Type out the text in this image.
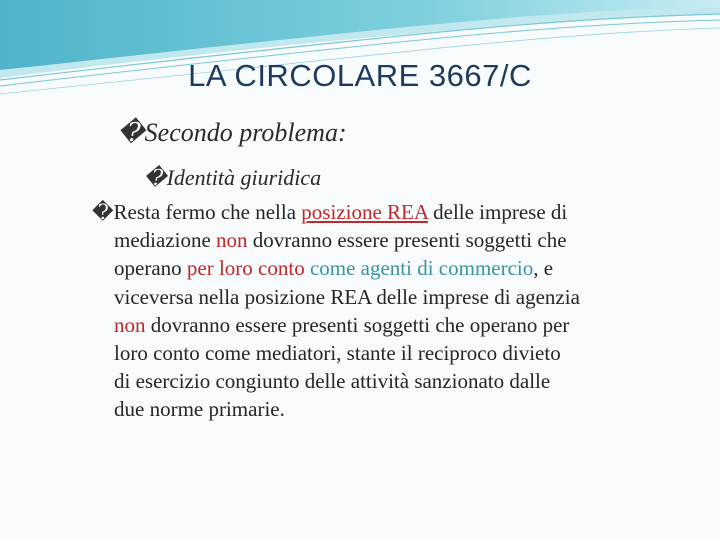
LA CIRCOLARE 3667/C
�Secondo problema:
�Identità giuridica
�Resta fermo che nella posizione REA delle imprese di
mediazione non dovranno essere presenti soggetti che
operano per loro conto come agenti di commercio, e
viceversa nella posizione REA delle imprese di agenzia
non dovranno essere presenti soggetti che operano per
loro conto come mediatori, stante il reciproco divieto
di esercizio congiunto delle attività sanzionato dalle
due norme primarie.
